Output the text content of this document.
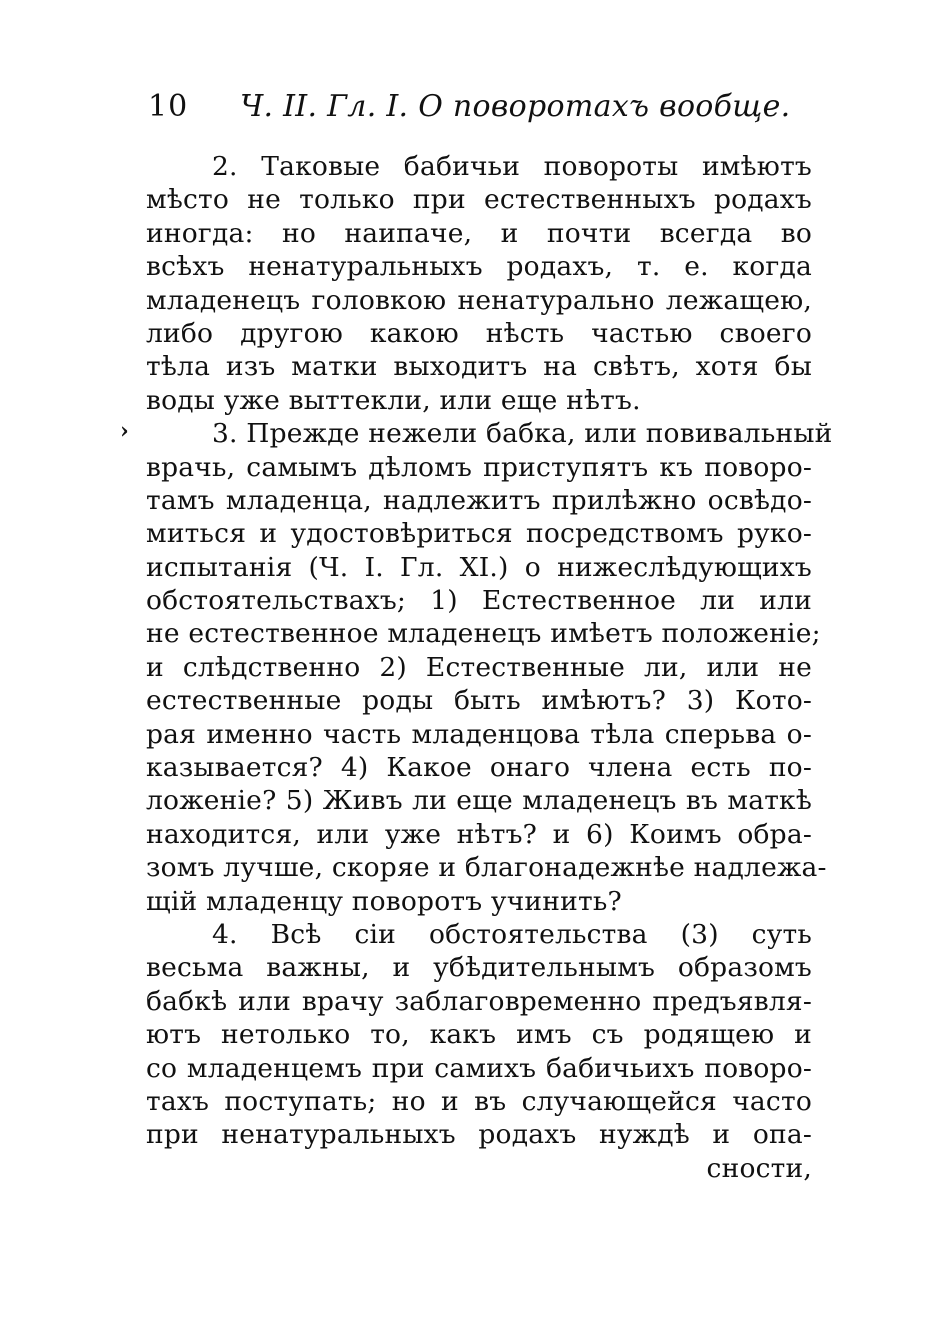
10 Ч. II. Гл. I. О поворотахъ вообще.
›
2. Таковые бабичьи повороты имѣютъ
мѣсто не только при естественныхъ родахъ
иногда: но наипаче, и почти всегда во
всѣхъ ненатуральныхъ родахъ, т. е. когда
младенецъ головкою ненатурально лежащею,
либо другою какою нѣсть частью своего
тѣла изъ матки выходитъ на свѣтъ, хотя бы
воды уже выттекли, или еще нѣтъ.
3. Прежде нежели бабка, или повивальный
врачь, самымъ дѣломъ приступятъ къ поворо-
тамъ младенца, надлежитъ прилѣжно освѣдо-
миться и удостовѣриться посредствомъ руко-
испытанія (Ч. I. Гл. XI.) о нижеслѣдующихъ
обстоятельствахъ; 1) Естественное ли или
не естественное младенецъ имѣетъ положеніе;
и слѣдственно 2) Естественные ли, или не
естественные роды быть имѣютъ? 3) Кото-
рая именно часть младенцова тѣла сперьва о-
казывается? 4) Какое онаго члена есть по-
ложеніе? 5) Живъ ли еще младенецъ въ маткѣ
находится, или уже нѣтъ? и 6) Коимъ обра-
зомъ лучше, скоряе и благонадежнѣе надлежа-
щій младенцу поворотъ учинить?
4. Всѣ сіи обстоятельства (3) суть
весьма важны, и убѣдительнымъ образомъ
бабкѣ или врачу заблаговременно предъявля-
ютъ нетолько то, какъ имъ съ родящею и
со младенцемъ при самихъ бабичьихъ поворо-
тахъ поступать; но и въ случающейся часто
при ненатуральныхъ родахъ нуждѣ и опа-
сности,
